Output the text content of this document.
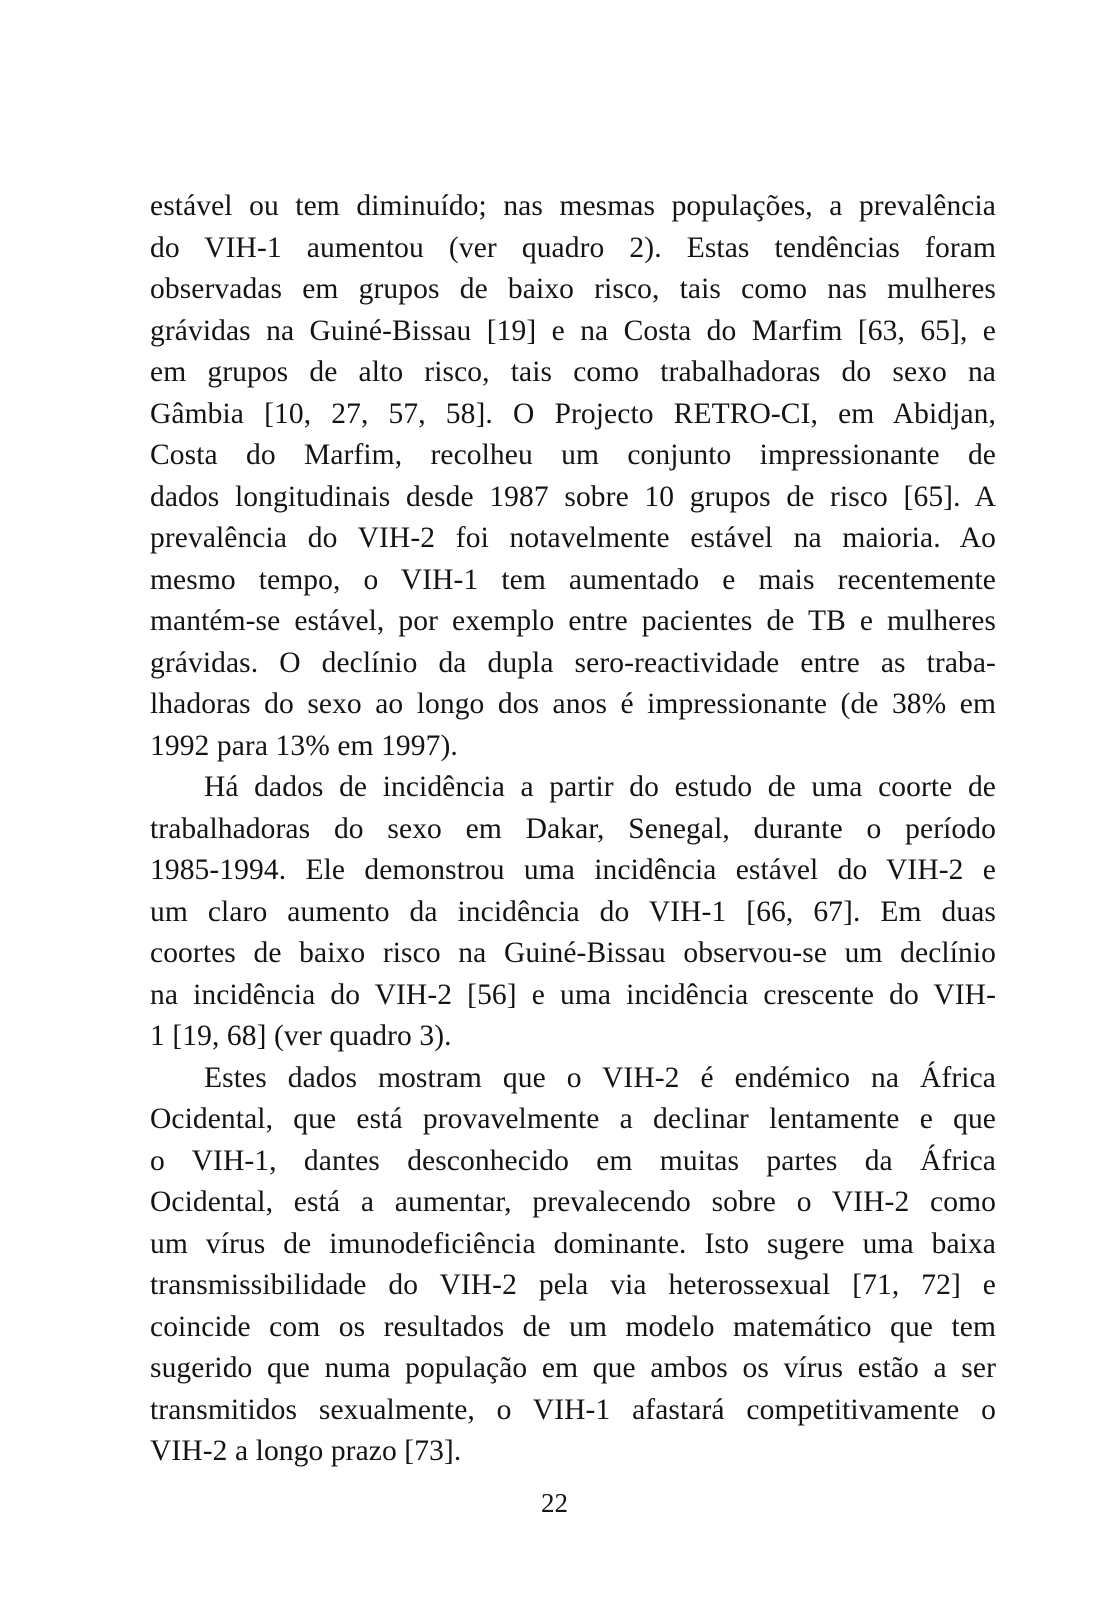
estável ou tem diminuído; nas mesmas populações, a prevalência
do VIH-1 aumentou (ver quadro 2). Estas tendências foram
observadas em grupos de baixo risco, tais como nas mulheres
grávidas na Guiné-Bissau [19] e na Costa do Marfim [63, 65], e
em grupos de alto risco, tais como trabalhadoras do sexo na
Gâmbia [10, 27, 57, 58]. O Projecto RETRO-CI, em Abidjan,
Costa do Marfim, recolheu um conjunto impressionante de
dados longitudinais desde 1987 sobre 10 grupos de risco [65]. A
prevalência do VIH-2 foi notavelmente estável na maioria. Ao
mesmo tempo, o VIH-1 tem aumentado e mais recentemente
mantém-se estável, por exemplo entre pacientes de TB e mulheres
grávidas. O declínio da dupla sero-reactividade entre as traba-
lhadoras do sexo ao longo dos anos é impressionante (de 38% em
1992 para 13% em 1997).
Há dados de incidência a partir do estudo de uma coorte de
trabalhadoras do sexo em Dakar, Senegal, durante o período
1985-1994. Ele demonstrou uma incidência estável do VIH-2 e
um claro aumento da incidência do VIH-1 [66, 67]. Em duas
coortes de baixo risco na Guiné-Bissau observou-se um declínio
na incidência do VIH-2 [56] e uma incidência crescente do VIH-
1 [19, 68] (ver quadro 3).
Estes dados mostram que o VIH-2 é endémico na África
Ocidental, que está provavelmente a declinar lentamente e que
o VIH-1, dantes desconhecido em muitas partes da África
Ocidental, está a aumentar, prevalecendo sobre o VIH-2 como
um vírus de imunodeficiência dominante. Isto sugere uma baixa
transmissibilidade do VIH-2 pela via heterossexual [71, 72] e
coincide com os resultados de um modelo matemático que tem
sugerido que numa população em que ambos os vírus estão a ser
transmitidos sexualmente, o VIH-1 afastará competitivamente o
VIH-2 a longo prazo [73].
22
